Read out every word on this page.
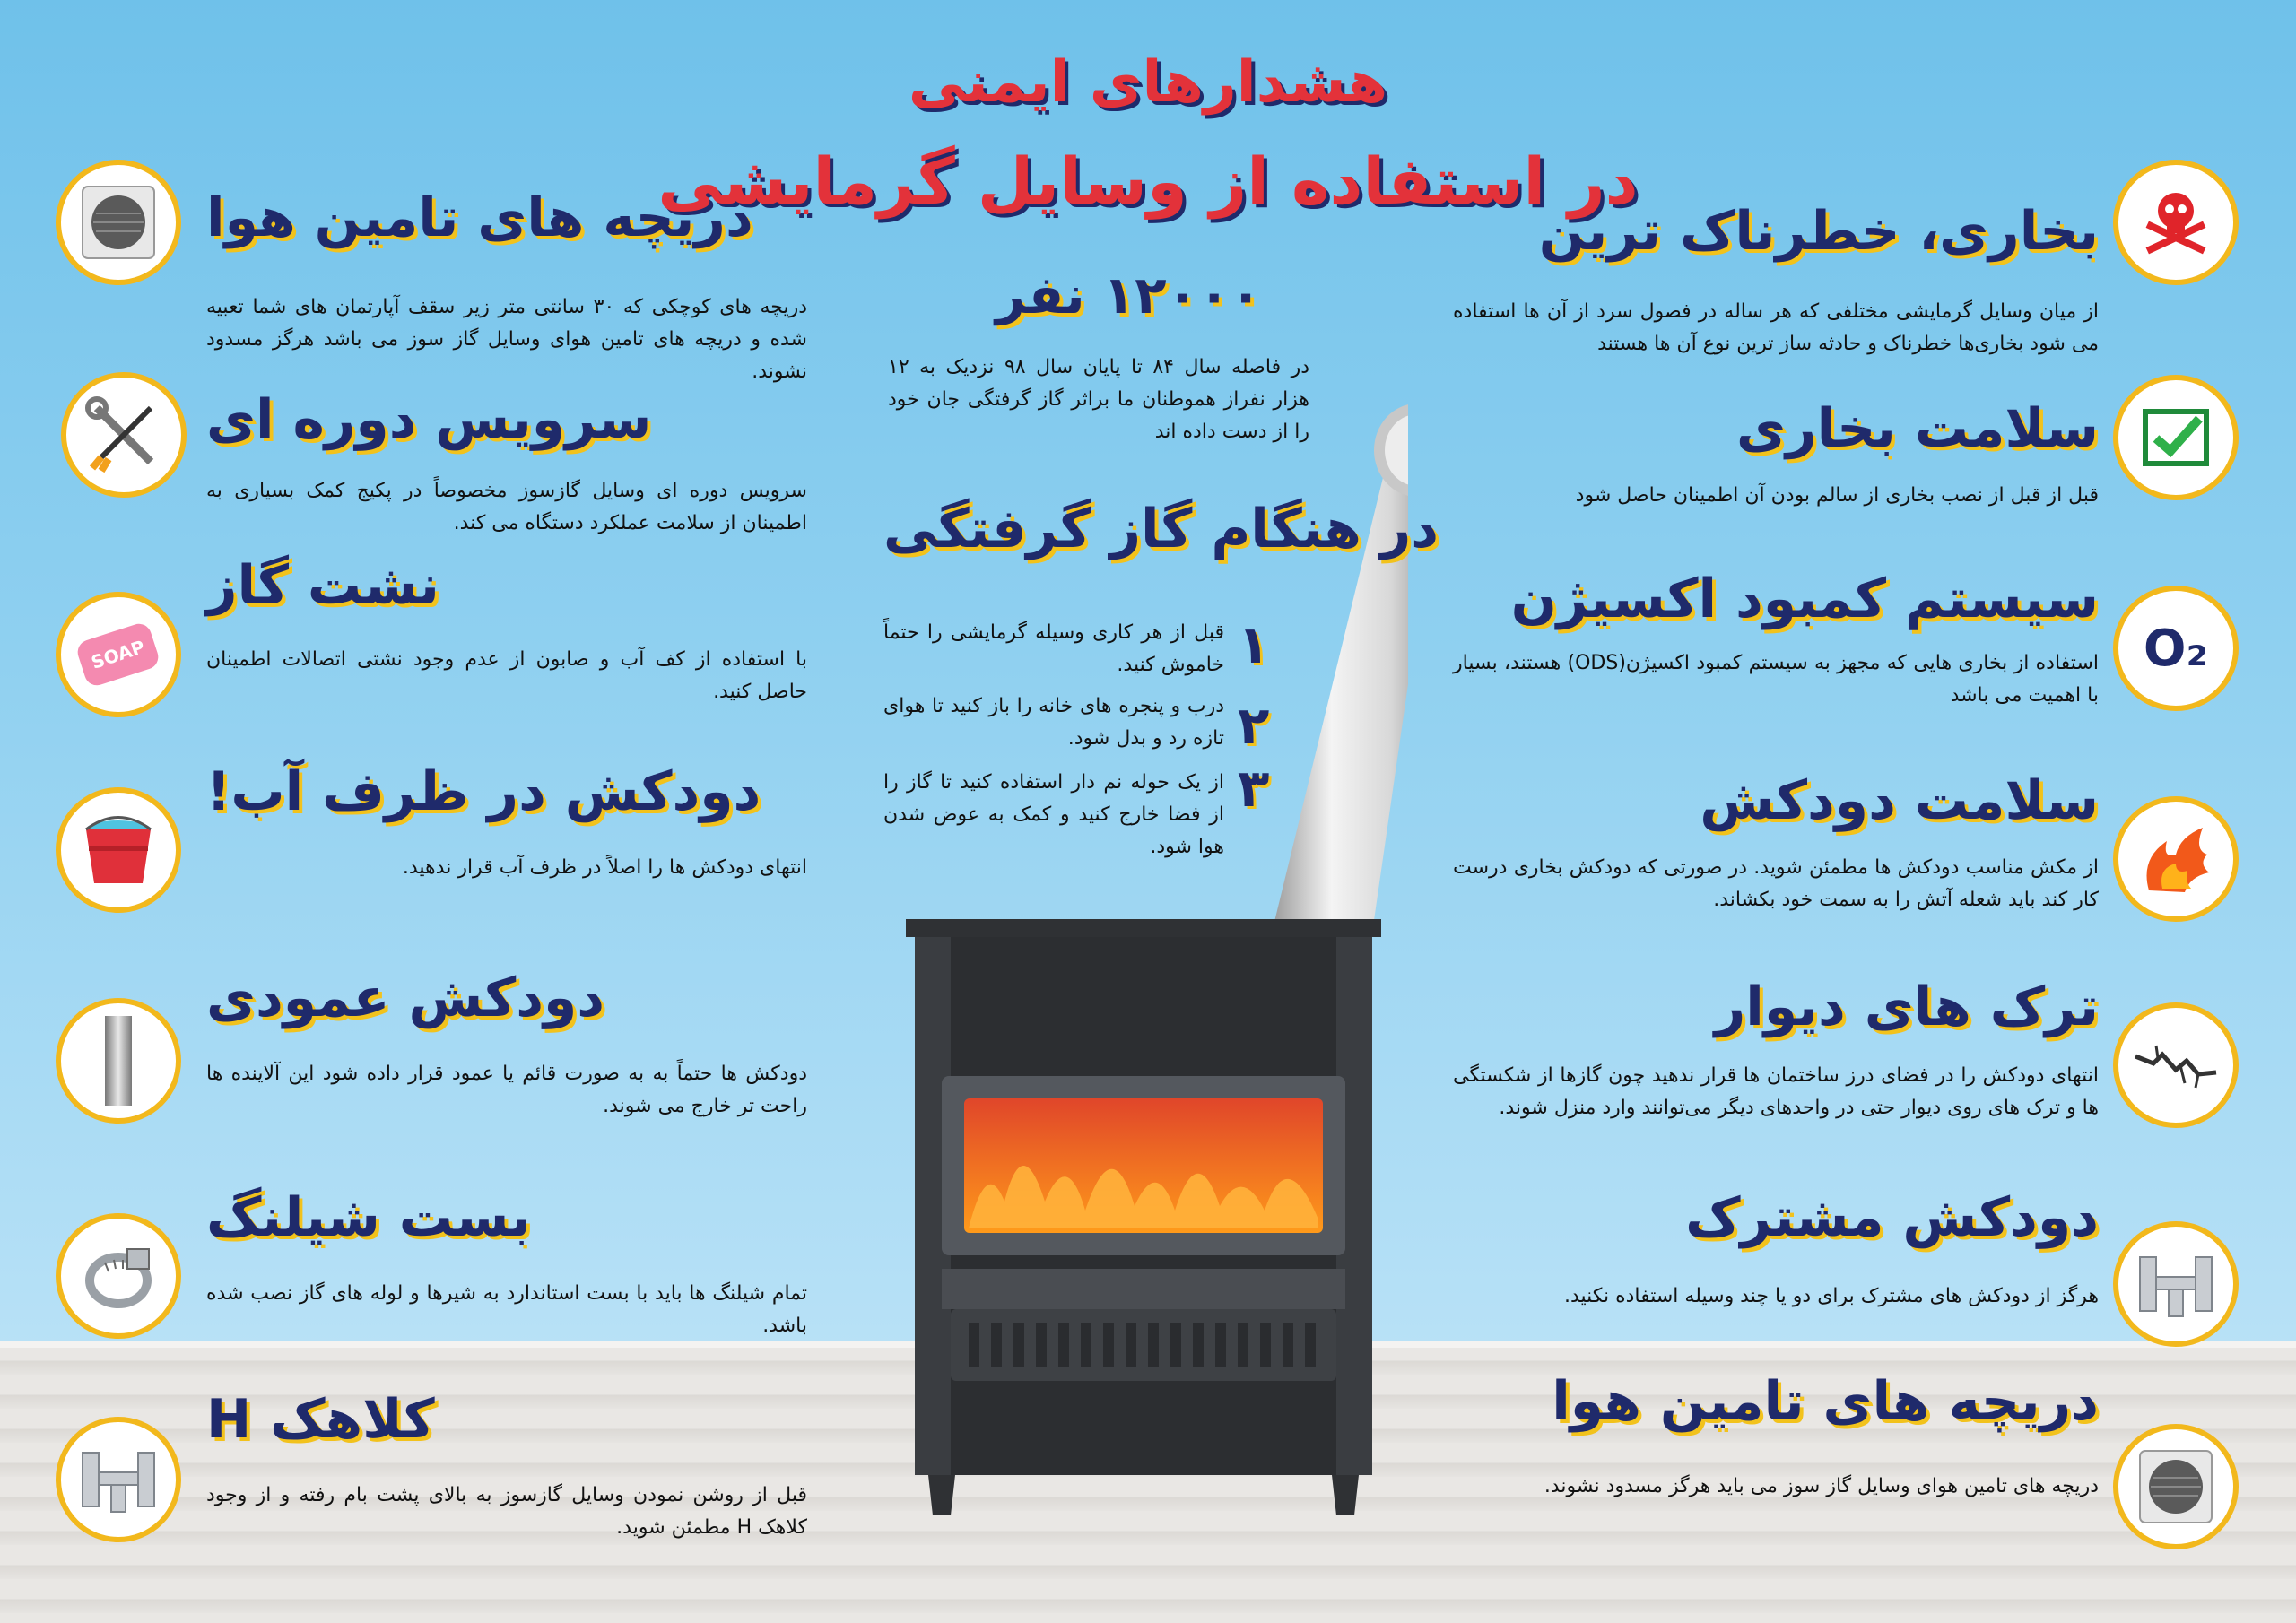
هشدارهای ایمنی
در استفاده از وسایل گرمایشی
۱۲۰۰۰ نفر
در فاصله سال ۸۴ تا پایان سال ۹۸ نزدیک به ۱۲ هزار نفراز هموطنان ما براثر گاز گرفتگی جان خود را از دست داده اند
در هنگام گاز گرفتگی
۱
قبل از هر کاری وسیله گرمایشی را حتماً خاموش کنید.
۲
درب و پنجره های خانه را باز کنید تا هوای تازه رد و بدل شود.
۳
از یک حوله نم دار استفاده کنید تا گاز را از فضا خارج کنید و کمک به عوض شدن هوا شود.
بخاری، خطرناک ترین
از میان وسایل گرمایشی مختلفی که هر ساله در فصول سرد از آن ها استفاده می شود بخاری‌ها خطرناک و حادثه ساز ترین نوع آن ها هستند
سلامت بخاری
قبل از قبل از نصب بخاری از سالم بودن آن اطمینان حاصل شود
O₂
سیستم کمبود اکسیژن
استفاده از بخاری هایی که مجهز به سیستم کمبود اکسیژن(ODS) هستند، بسیار با اهمیت می باشد
سلامت دودکش
از مکش مناسب دودکش ها مطمئن شوید. در صورتی که دودکش بخاری درست کار کند باید شعله آتش را به سمت خود بکشاند.
ترک های دیوار
انتهای دودکش را در فضای درز ساختمان ها قرار ندهید چون گازها از شکستگی ها و ترک های روی دیوار حتی در واحدهای دیگر می‌توانند وارد منزل شوند.
دودکش مشترک
هرگز از دودکش های مشترک برای دو یا چند وسیله استفاده نکنید.
دریچه های تامین هوا
دریچه های تامین هوای وسایل گاز سوز می باید هرگز مسدود نشوند.
دریچه های تامین هوا
دریچه های کوچکی که ۳۰ سانتی متر زیر سقف آپارتمان های شما تعبیه شده و دریچه های تامین هوای وسایل گاز سوز می باشد هرگز مسدود نشوند.
سرویس دوره ای
سرویس دوره ای وسایل گازسوز مخصوصاً در پکیج کمک بسیاری به اطمینان از سلامت عملکرد دستگاه می کند.
SOAP
نشت گاز
با استفاده از کف آب و صابون از عدم وجود نشتی اتصالات اطمینان حاصل کنید.
دودکش در ظرف آب!
انتهای دودکش ها را اصلاً در ظرف آب قرار ندهید.
دودکش عمودی
دودکش ها حتماً به به صورت قائم یا عمود قرار داده شود این آلاینده ها راحت تر خارج می شوند.
بست شیلنگ
تمام شیلنگ ها باید با بست استاندارد به شیرها و لوله های گاز نصب شده باشد.
کلاهک H
قبل از روشن نمودن وسایل گازسوز به بالای پشت بام رفته و از وجود کلاهک H مطمئن شوید.
